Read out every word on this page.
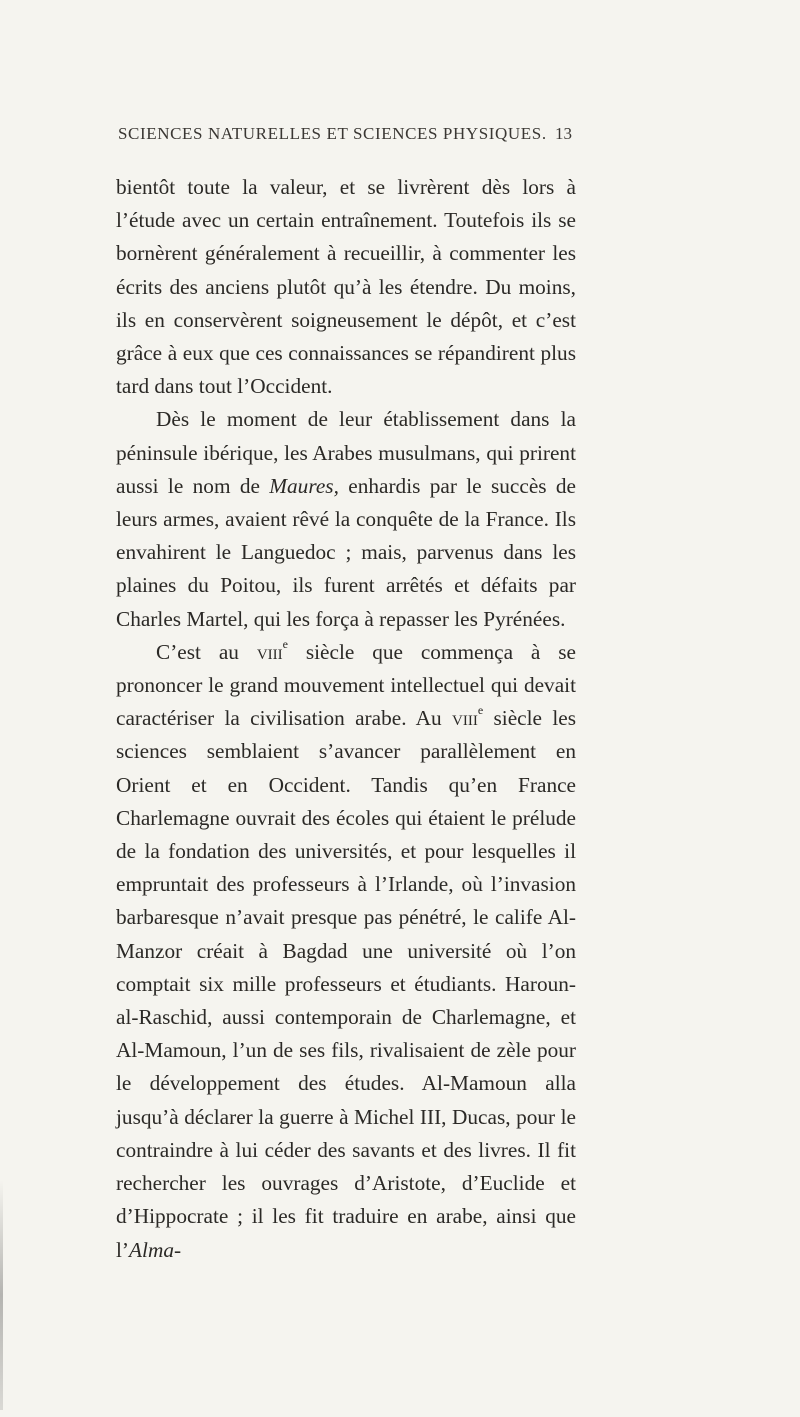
SCIENCES NATURELLES ET SCIENCES PHYSIQUES. 13

bientôt toute la valeur, et se livrèrent dès lors à l’étude avec un certain entraînement. Toutefois ils se bornèrent généralement à recueillir, à commenter les écrits des anciens plutôt qu’à les étendre. Du moins, ils en conservèrent soigneusement le dépôt, et c’est grâce à eux que ces connaissances se répandirent plus tard dans tout l’Occident.

Dès le moment de leur établissement dans la péninsule ibérique, les Arabes musulmans, qui prirent aussi le nom de Maures, enhardis par le succès de leurs armes, avaient rêvé la conquête de la France. Ils envahirent le Languedoc ; mais, parvenus dans les plaines du Poitou, ils furent arrêtés et défaits par Charles Martel, qui les força à repasser les Pyrénées.

C’est au viii$^e$ siècle que commença à se prononcer le grand mouvement intellectuel qui devait caractériser la civilisation arabe. Au viii$^e$ siècle les sciences semblaient s’avancer parallèlement en Orient et en Occident. Tandis qu’en France Charlemagne ouvrait des écoles qui étaient le prélude de la fondation des universités, et pour lesquelles il empruntait des professeurs à l’Irlande, où l’invasion barbaresque n’avait presque pas pénétré, le calife Al-Manzor créait à Bagdad une université où l’on comptait six mille professeurs et étudiants. Haroun-al-Raschid, aussi contemporain de Charlemagne, et Al-Mamoun, l’un de ses fils, rivalisaient de zèle pour le développement des études. Al-Mamoun alla jusqu’à déclarer la guerre à Michel III, Ducas, pour le contraindre à lui céder des savants et des livres. Il fit rechercher les ouvrages d’Aristote, d’Euclide et d’Hippocrate ; il les fit traduire en arabe, ainsi que l’Alma-
